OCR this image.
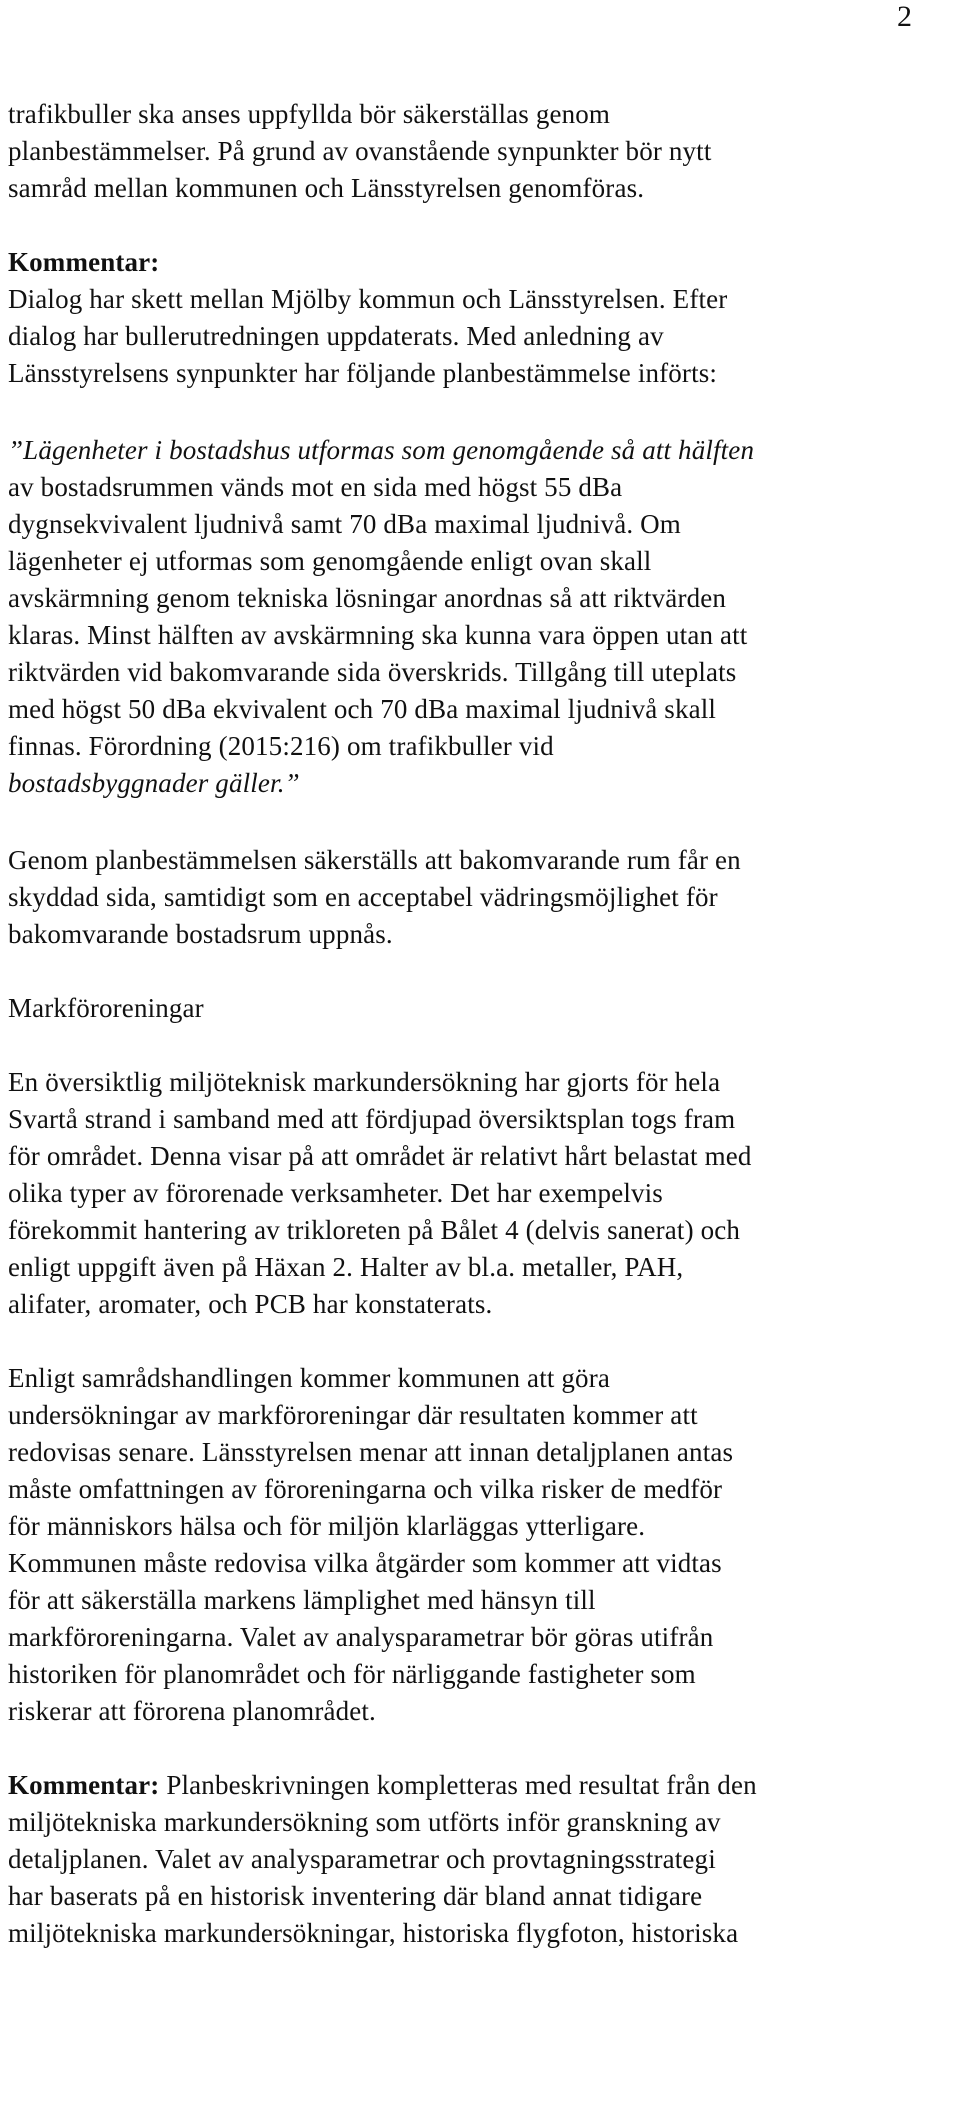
2

trafikbuller ska anses uppfyllda bör säkerställas genom
planbestämmelser. På grund av ovanstående synpunkter bör nytt
samråd mellan kommunen och Länsstyrelsen genomföras.

Kommentar:

Dialog har skett mellan Mjölby kommun och Länsstyrelsen. Efter
dialog har bullerutredningen uppdaterats. Med anledning av
Länsstyrelsens synpunkter har följande planbestämmelse införts:

”Lägenheter i bostadshus utformas som genomgående så att hälften
av bostadsrummen vänds mot en sida med högst 55 dBa
dygnsekvivalent ljudnivå samt 70 dBa maximal ljudnivå. Om
lägenheter ej utformas som genomgående enligt ovan skall
avskärmning genom tekniska lösningar anordnas så att riktvärden
klaras. Minst hälften av avskärmning ska kunna vara öppen utan att
riktvärden vid bakomvarande sida överskrids. Tillgång till uteplats
med högst 50 dBa ekvivalent och 70 dBa maximal ljudnivå skall
finnas. Förordning (2015:216) om trafikbuller vid
bostadsbyggnader gäller.”

Genom planbestämmelsen säkerställs att bakomvarande rum får en
skyddad sida, samtidigt som en acceptabel vädringsmöjlighet för
bakomvarande bostadsrum uppnås.

Markföroreningar

En översiktlig miljöteknisk markundersökning har gjorts för hela
Svartå strand i samband med att fördjupad översiktsplan togs fram
för området. Denna visar på att området är relativt hårt belastat med
olika typer av förorenade verksamheter. Det har exempelvis
förekommit hantering av trikloreten på Bålet 4 (delvis sanerat) och
enligt uppgift även på Häxan 2. Halter av bl.a. metaller, PAH,
alifater, aromater, och PCB har konstaterats.

Enligt samrådshandlingen kommer kommunen att göra
undersökningar av markföroreningar där resultaten kommer att
redovisas senare. Länsstyrelsen menar att innan detaljplanen antas
måste omfattningen av föroreningarna och vilka risker de medför
för människors hälsa och för miljön klarläggas ytterligare.
Kommunen måste redovisa vilka åtgärder som kommer att vidtas
för att säkerställa markens lämplighet med hänsyn till
markföroreningarna. Valet av analysparametrar bör göras utifrån
historiken för planområdet och för närliggande fastigheter som
riskerar att förorena planområdet.

Kommentar: Planbeskrivningen kompletteras med resultat från den
miljötekniska markundersökning som utförts inför granskning av
detaljplanen. Valet av analysparametrar och provtagningsstrategi
har baserats på en historisk inventering där bland annat tidigare
miljötekniska markundersökningar, historiska flygfoton, historiska
